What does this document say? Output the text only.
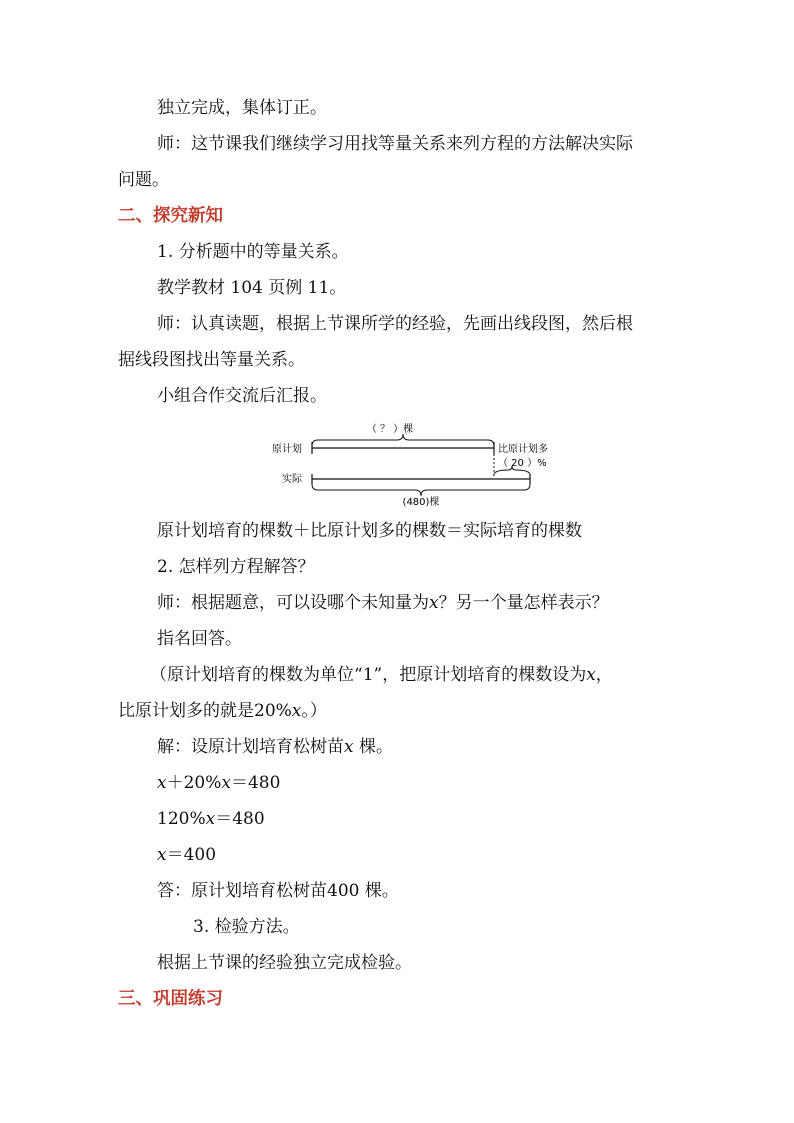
独立完成，集体订正。
师：这节课我们继续学习用找等量关系来列方程的方法解决实际
问题。
二、探究新知
1. 分析题中的等量关系。
教学教材 104 页例 11。
师：认真读题，根据上节课所学的经验，先画出线段图，然后根
据线段图找出等量关系。
小组合作交流后汇报。
（ ？ ）棵
原计划	比原计划多
（ 20 ）%
实际
(480)棵
原计划培育的棵数＋比原计划多的棵数＝实际培育的棵数
2. 怎样列方程解答？
师：根据题意，可以设哪个未知量为x？另一个量怎样表示？
指名回答。
（原计划培育的棵数为单位“1”，把原计划培育的棵数设为x，
比原计划多的就是20%x。）
解：设原计划培育松树苗x 棵。
x＋20%x＝480
120%x＝480
x＝400
答：原计划培育松树苗400 棵。
3. 检验方法。
根据上节课的经验独立完成检验。
三、巩固练习
